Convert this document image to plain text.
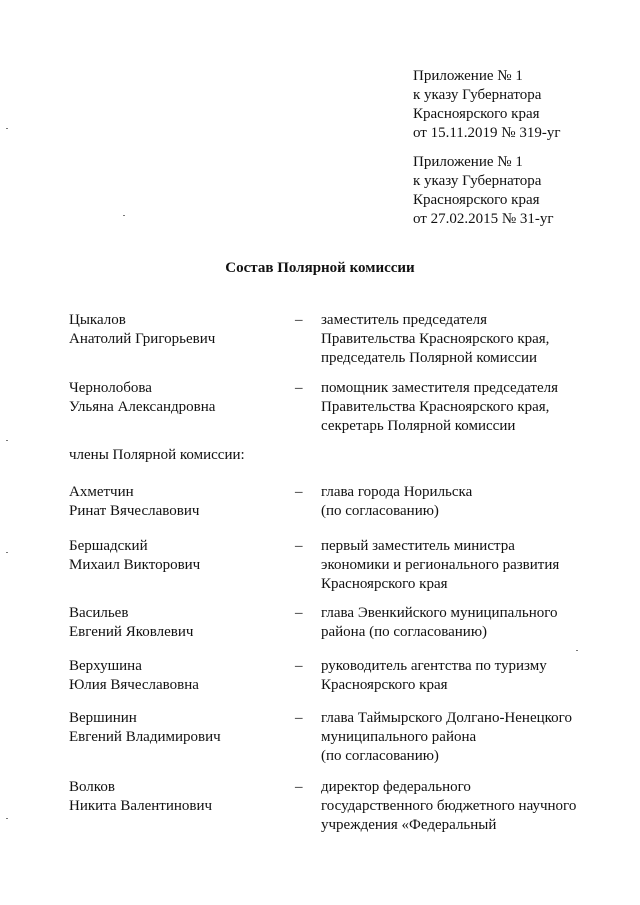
Приложение № 1
к указу Губернатора
Красноярского края
от 15.11.2019 № 319-уг
Приложение № 1
к указу Губернатора
Красноярского края
от 27.02.2015 № 31-уг
Состав Полярной комиссии
Цыкалов
Анатолий Григорьевич
– заместитель председателя
Правительства Красноярского края,
председатель Полярной комиссии
Чернолобова
Ульяна Александровна
– помощник заместителя председателя
Правительства Красноярского края,
секретарь Полярной комиссии
члены Полярной комиссии:
Ахметчин
Ринат Вячеславович
– глава города Норильска
(по согласованию)
Бершадский
Михаил Викторович
– первый заместитель министра
экономики и регионального развития
Красноярского края
Васильев
Евгений Яковлевич
– глава Эвенкийского муниципального
района (по согласованию)
Верхушина
Юлия Вячеславовна
– руководитель агентства по туризму
Красноярского края
Вершинин
Евгений Владимирович
– глава Таймырского Долгано-Ненецкого
муниципального района
(по согласованию)
Волков
Никита Валентинович
– директор федерального
государственного бюджетного научного
учреждения «Федеральный
